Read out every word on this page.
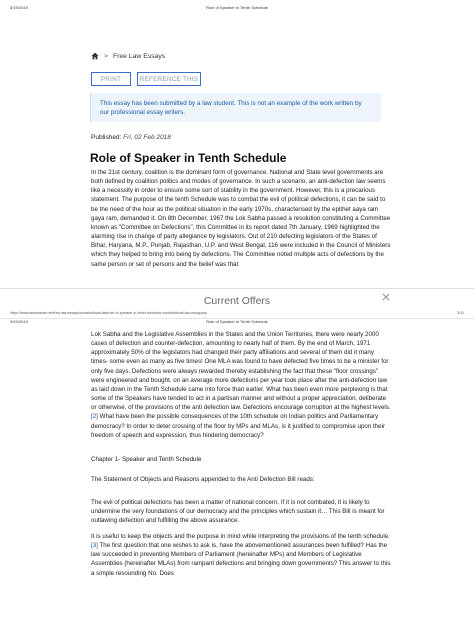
3/19/2019	Role of Speaker In Tenth Schedule
> Free Law Essays
PRINT	REFERENCE THIS
This essay has been submitted by a law student. This is not an example of the work written by our professional essay writers.
Published: Fri, 02 Feb 2018
Role of Speaker in Tenth Schedule
In the 21st century, coalition is the dominant form of governance. National and State level governments are both defined by coalition politics and modes of governance. In such a scenario, an anti-defection law seems like a necessity in order to ensure some sort of stability in the government. However, this is a precarious statement. The purpose of the tenth Schedule was to combat the evil of political defections, it can be said to be the need of the hour as the political situation in the early 1970s, characterised by the epithet aaya ram gaya ram, demanded it. On 8th December, 1967 the Lok Sabha passed a resolution constituting a Committee known as "Committee on Defections", this Committee in its report dated 7th January, 1969 highlighted the alarming rise in change of party allegiance by legislators. Out of 210 defecting legislators of the States of Bihar, Haryana, M.P., Punjab, Rajasthan, U.P. and West Bengal, 116 were included in the Council of Ministers which they helped to bring into being by defections. The Committee noted multiple acts of defections by the same person or set of persons and the belief was that
Current Offers
https://www.lawteacher.net/free-law-essays/constitutional-law/role-of-speaker-in-tenth-schedule-constitutional-law-essay.php	3/11
3/19/2019	Role of Speaker In Tenth Schedule
Lok Sabha and the Legislative Assemblies in the States and the Union Territories, there were nearly 2000 cases of defection and counter-defection, amounting to nearly half of them. By the end of March, 1971 approximately 50% of the legislators had changed their party affiliations and several of them did it many times- some even as many as five times! One MLA was found to have defected five times to be a minister for only five days. Defections were always rewarded thereby establishing the fact that these "floor crossings" were engineered and bought. on an average more defections per year took place after the anti-defection law as laid down in the Tenth Schedule came into force than earlier. What has been even more perplexing is that some of the Speakers have tended to act in a partisan manner and without a proper appreciation, deliberate or otherwise, of the provisions of the anti defection law. Defections encourage corruption at the highest levels. [2] What have been the possible consequences of the 10th schedule on Indian politics and Parliamentary democracy? In order to deter crossing of the floor by MPs and MLAs, is it justified to compromise upon their freedom of speech and expression, thus hindering democracy?
Chapter 1- Speaker and Tenth Schedule
The Statement of Objects and Reasons appended to the Anti Defection Bill reads:
The evil of political defections has been a matter of national concern. If it is not combated, it is likely to undermine the very foundations of our democracy and the principles which sustain it… This Bill is meant for outlawing defection and fulfilling the above assurance.
It is useful to keep the objects and the purpose in mind while interpreting the provisions of the tenth schedule. [3] The first question that one wishes to ask is, have the abovementioned assurances been fulfilled? Has the law succeeded in preventing Members of Parliament (hereinafter MPs) and Members of Legislative Assemblies (hereinafter MLAs) from rampant defections and bringing down governments? This answer to this a simple resounding No. Does
